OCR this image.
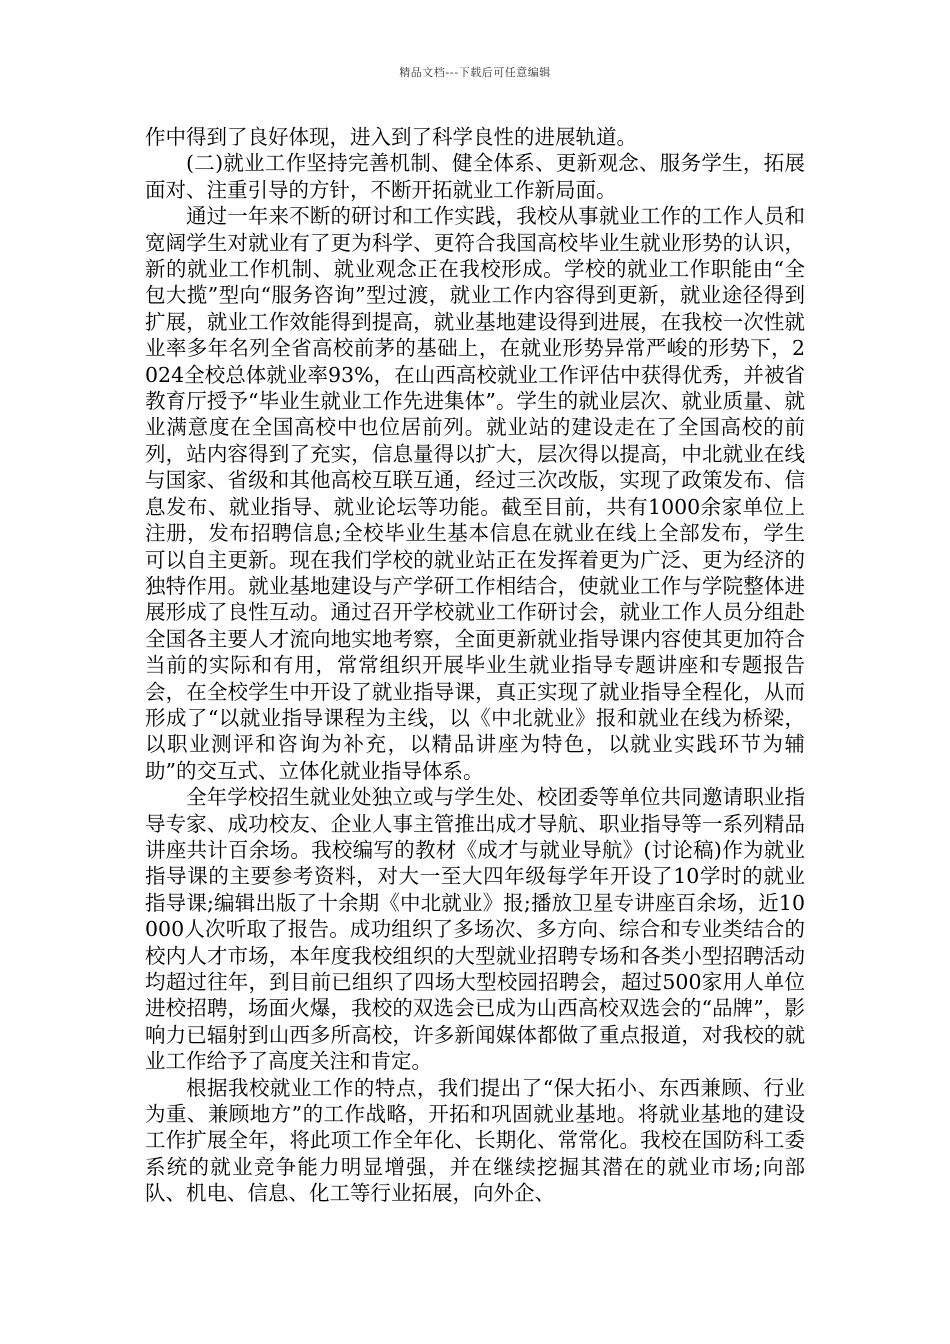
精品文档---下载后可任意编辑

作中得到了良好体现，进入到了科学良性的进展轨道。

(二)就业工作坚持完善机制、健全体系、更新观念、服务学生，拓展面对、注重引导的方针，不断开拓就业工作新局面。

通过一年来不断的研讨和工作实践，我校从事就业工作的工作人员和宽阔学生对就业有了更为科学、更符合我国高校毕业生就业形势的认识，新的就业工作机制、就业观念正在我校形成。学校的就业工作职能由“全包大揽”型向“服务咨询”型过渡，就业工作内容得到更新，就业途径得到扩展，就业工作效能得到提高，就业基地建设得到进展，在我校一次性就业率多年名列全省高校前茅的基础上，在就业形势异常严峻的形势下，2024全校总体就业率93%，在山西高校就业工作评估中获得优秀，并被省教育厅授予“毕业生就业工作先进集体”。学生的就业层次、就业质量、就业满意度在全国高校中也位居前列。就业站的建设走在了全国高校的前列，站内容得到了充实，信息量得以扩大，层次得以提高，中北就业在线与国家、省级和其他高校互联互通，经过三次改版，实现了政策发布、信息发布、就业指导、就业论坛等功能。截至目前，共有1000余家单位上注册，发布招聘信息;全校毕业生基本信息在就业在线上全部发布，学生可以自主更新。现在我们学校的就业站正在发挥着更为广泛、更为经济的独特作用。就业基地建设与产学研工作相结合，使就业工作与学院整体进展形成了良性互动。通过召开学校就业工作研讨会，就业工作人员分组赴全国各主要人才流向地实地考察，全面更新就业指导课内容使其更加符合当前的实际和有用，常常组织开展毕业生就业指导专题讲座和专题报告会，在全校学生中开设了就业指导课，真正实现了就业指导全程化，从而形成了“以就业指导课程为主线，以《中北就业》报和就业在线为桥梁，以职业测评和咨询为补充，以精品讲座为特色，以就业实践环节为辅助”的交互式、立体化就业指导体系。

全年学校招生就业处独立或与学生处、校团委等单位共同邀请职业指导专家、成功校友、企业人事主管推出成才导航、职业指导等一系列精品讲座共计百余场。我校编写的教材《成才与就业导航》(讨论稿)作为就业指导课的主要参考资料，对大一至大四年级每学年开设了10学时的就业指导课;编辑出版了十余期《中北就业》报;播放卫星专讲座百余场，近10000人次听取了报告。成功组织了多场次、多方向、综合和专业类结合的校内人才市场，本年度我校组织的大型就业招聘专场和各类小型招聘活动均超过往年，到目前已组织了四场大型校园招聘会，超过500家用人单位进校招聘，场面火爆，我校的双选会已成为山西高校双选会的“品牌”，影响力已辐射到山西多所高校，许多新闻媒体都做了重点报道，对我校的就业工作给予了高度关注和肯定。

根据我校就业工作的特点，我们提出了“保大拓小、东西兼顾、行业为重、兼顾地方”的工作战略，开拓和巩固就业基地。将就业基地的建设工作扩展全年，将此项工作全年化、长期化、常常化。我校在国防科工委系统的就业竞争能力明显增强，并在继续挖掘其潜在的就业市场;向部队、机电、信息、化工等行业拓展，向外企、
